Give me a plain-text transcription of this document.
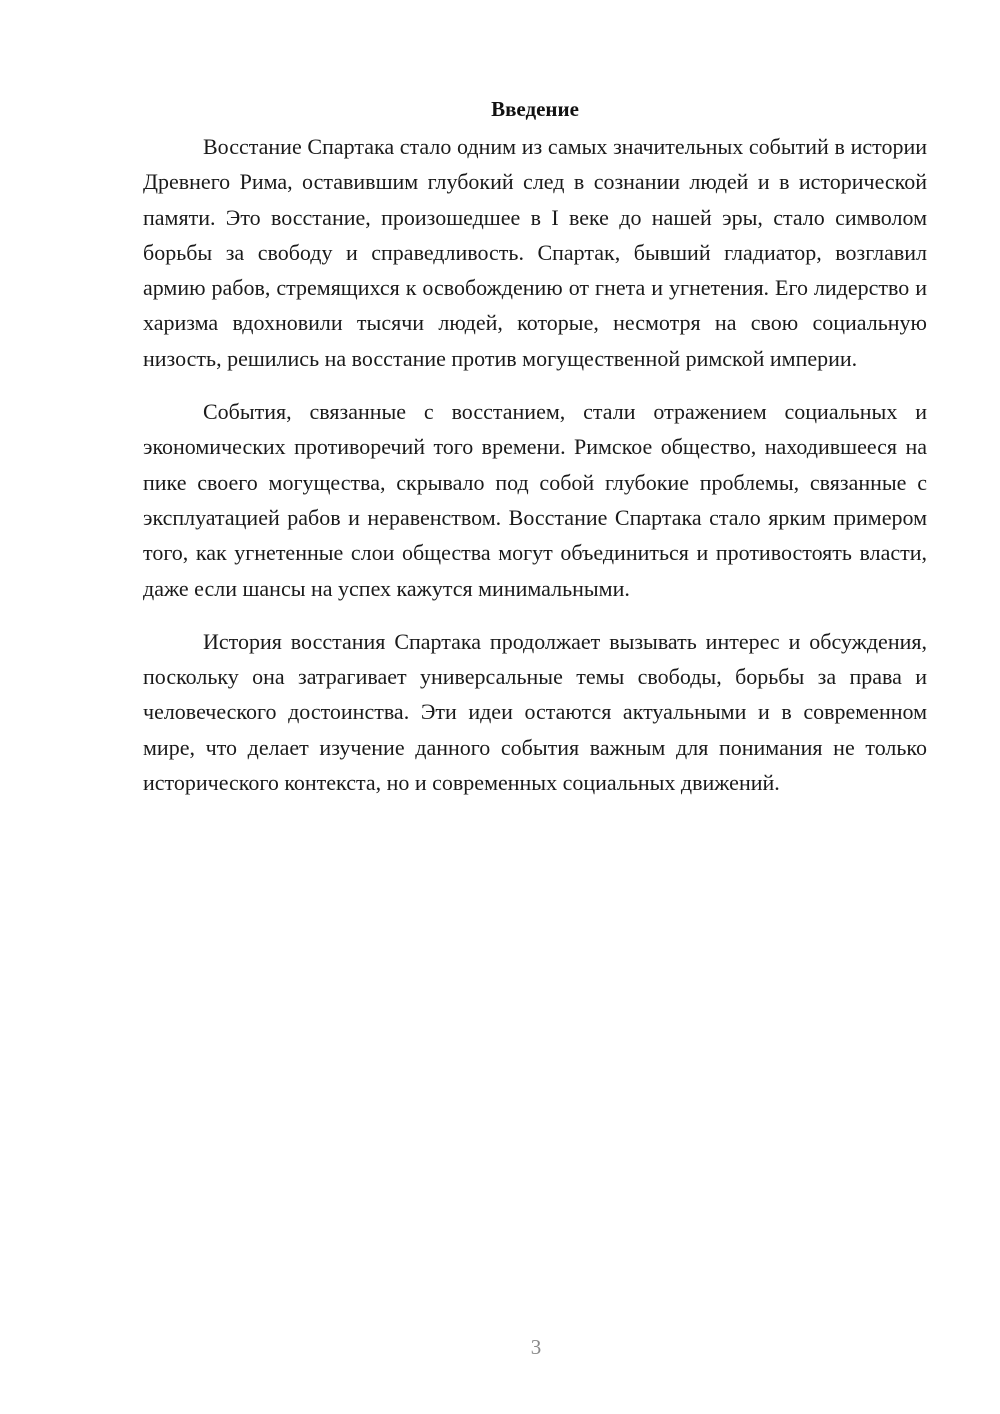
Введение

Восстание Спартака стало одним из самых значительных событий в истории Древнего Рима, оставившим глубокий след в сознании людей и в исторической памяти. Это восстание, произошедшее в I веке до нашей эры, стало символом борьбы за свободу и справедливость. Спартак, бывший гладиатор, возглавил армию рабов, стремящихся к освобождению от гнета и угнетения. Его лидерство и харизма вдохновили тысячи людей, которые, несмотря на свою социальную низость, решились на восстание против могущественной римской империи.

События, связанные с восстанием, стали отражением социальных и экономических противоречий того времени. Римское общество, находившееся на пике своего могущества, скрывало под собой глубокие проблемы, связанные с эксплуатацией рабов и неравенством. Восстание Спартака стало ярким примером того, как угнетенные слои общества могут объединиться и противостоять власти, даже если шансы на успех кажутся минимальными.

История восстания Спартака продолжает вызывать интерес и обсуждения, поскольку она затрагивает универсальные темы свободы, борьбы за права и человеческого достоинства. Эти идеи остаются актуальными и в современном мире, что делает изучение данного события важным для понимания не только исторического контекста, но и современных социальных движений.

3
